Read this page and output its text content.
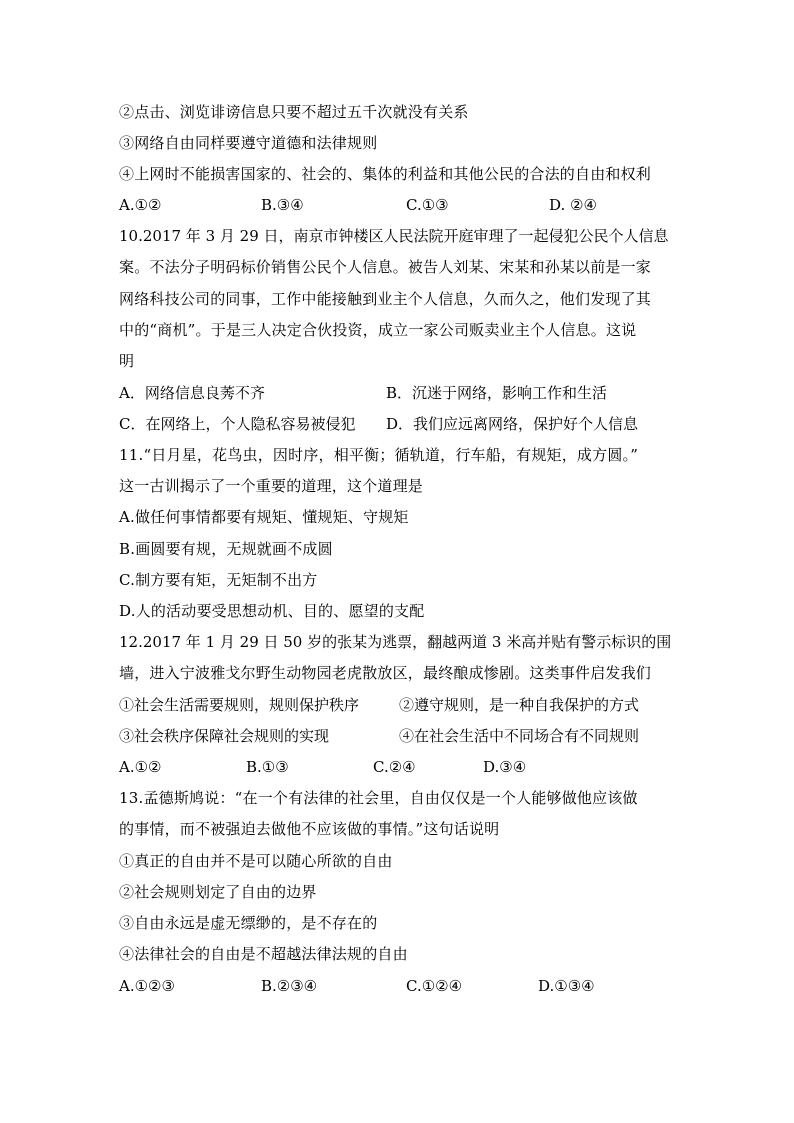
②点击、浏览诽谤信息只要不超过五千次就没有关系
③网络自由同样要遵守道德和法律规则
④上网时不能损害国家的、社会的、集体的利益和其他公民的合法的自由和权利
A.①②	B.③④	C.①③	D. ②④
10.2017 年 3 月 29 日，南京市钟楼区人民法院开庭审理了一起侵犯公民个人信息
案。不法分子明码标价销售公民个人信息。被告人刘某、宋某和孙某以前是一家
网络科技公司的同事，工作中能接触到业主个人信息，久而久之，他们发现了其
中的“商机”。于是三人决定合伙投资，成立一家公司贩卖业主个人信息。这说
明
A．网络信息良莠不齐	B．沉迷于网络，影响工作和生活
C．在网络上，个人隐私容易被侵犯 D．我们应远离网络，保护好个人信息
11.“日月星，花鸟虫，因时序，相平衡；循轨道，行车船，有规矩，成方圆。”
这一古训揭示了一个重要的道理，这个道理是
A.做任何事情都要有规矩、懂规矩、守规矩
B.画圆要有规，无规就画不成圆
C.制方要有矩，无矩制不出方
D.人的活动要受思想动机、目的、愿望的支配
12.2017 年 1 月 29 日 50 岁的张某为逃票，翻越两道 3 米高并贴有警示标识的围
墙，进入宁波雅戈尔野生动物园老虎散放区，最终酿成惨剧。这类事件启发我们
①社会生活需要规则，规则保护秩序	②遵守规则，是一种自我保护的方式
③社会秩序保障社会规则的实现	④在社会生活中不同场合有不同规则
A.①②	B.①③	C.②④	D.③④
13.孟德斯鸠说：“在一个有法律的社会里，自由仅仅是一个人能够做他应该做
的事情，而不被强迫去做他不应该做的事情。”这句话说明
①真正的自由并不是可以随心所欲的自由
②社会规则划定了自由的边界
③自由永远是虚无缥缈的，是不存在的
④法律社会的自由是不超越法律法规的自由
A.①②③	B.②③④	C.①②④	D.①③④
